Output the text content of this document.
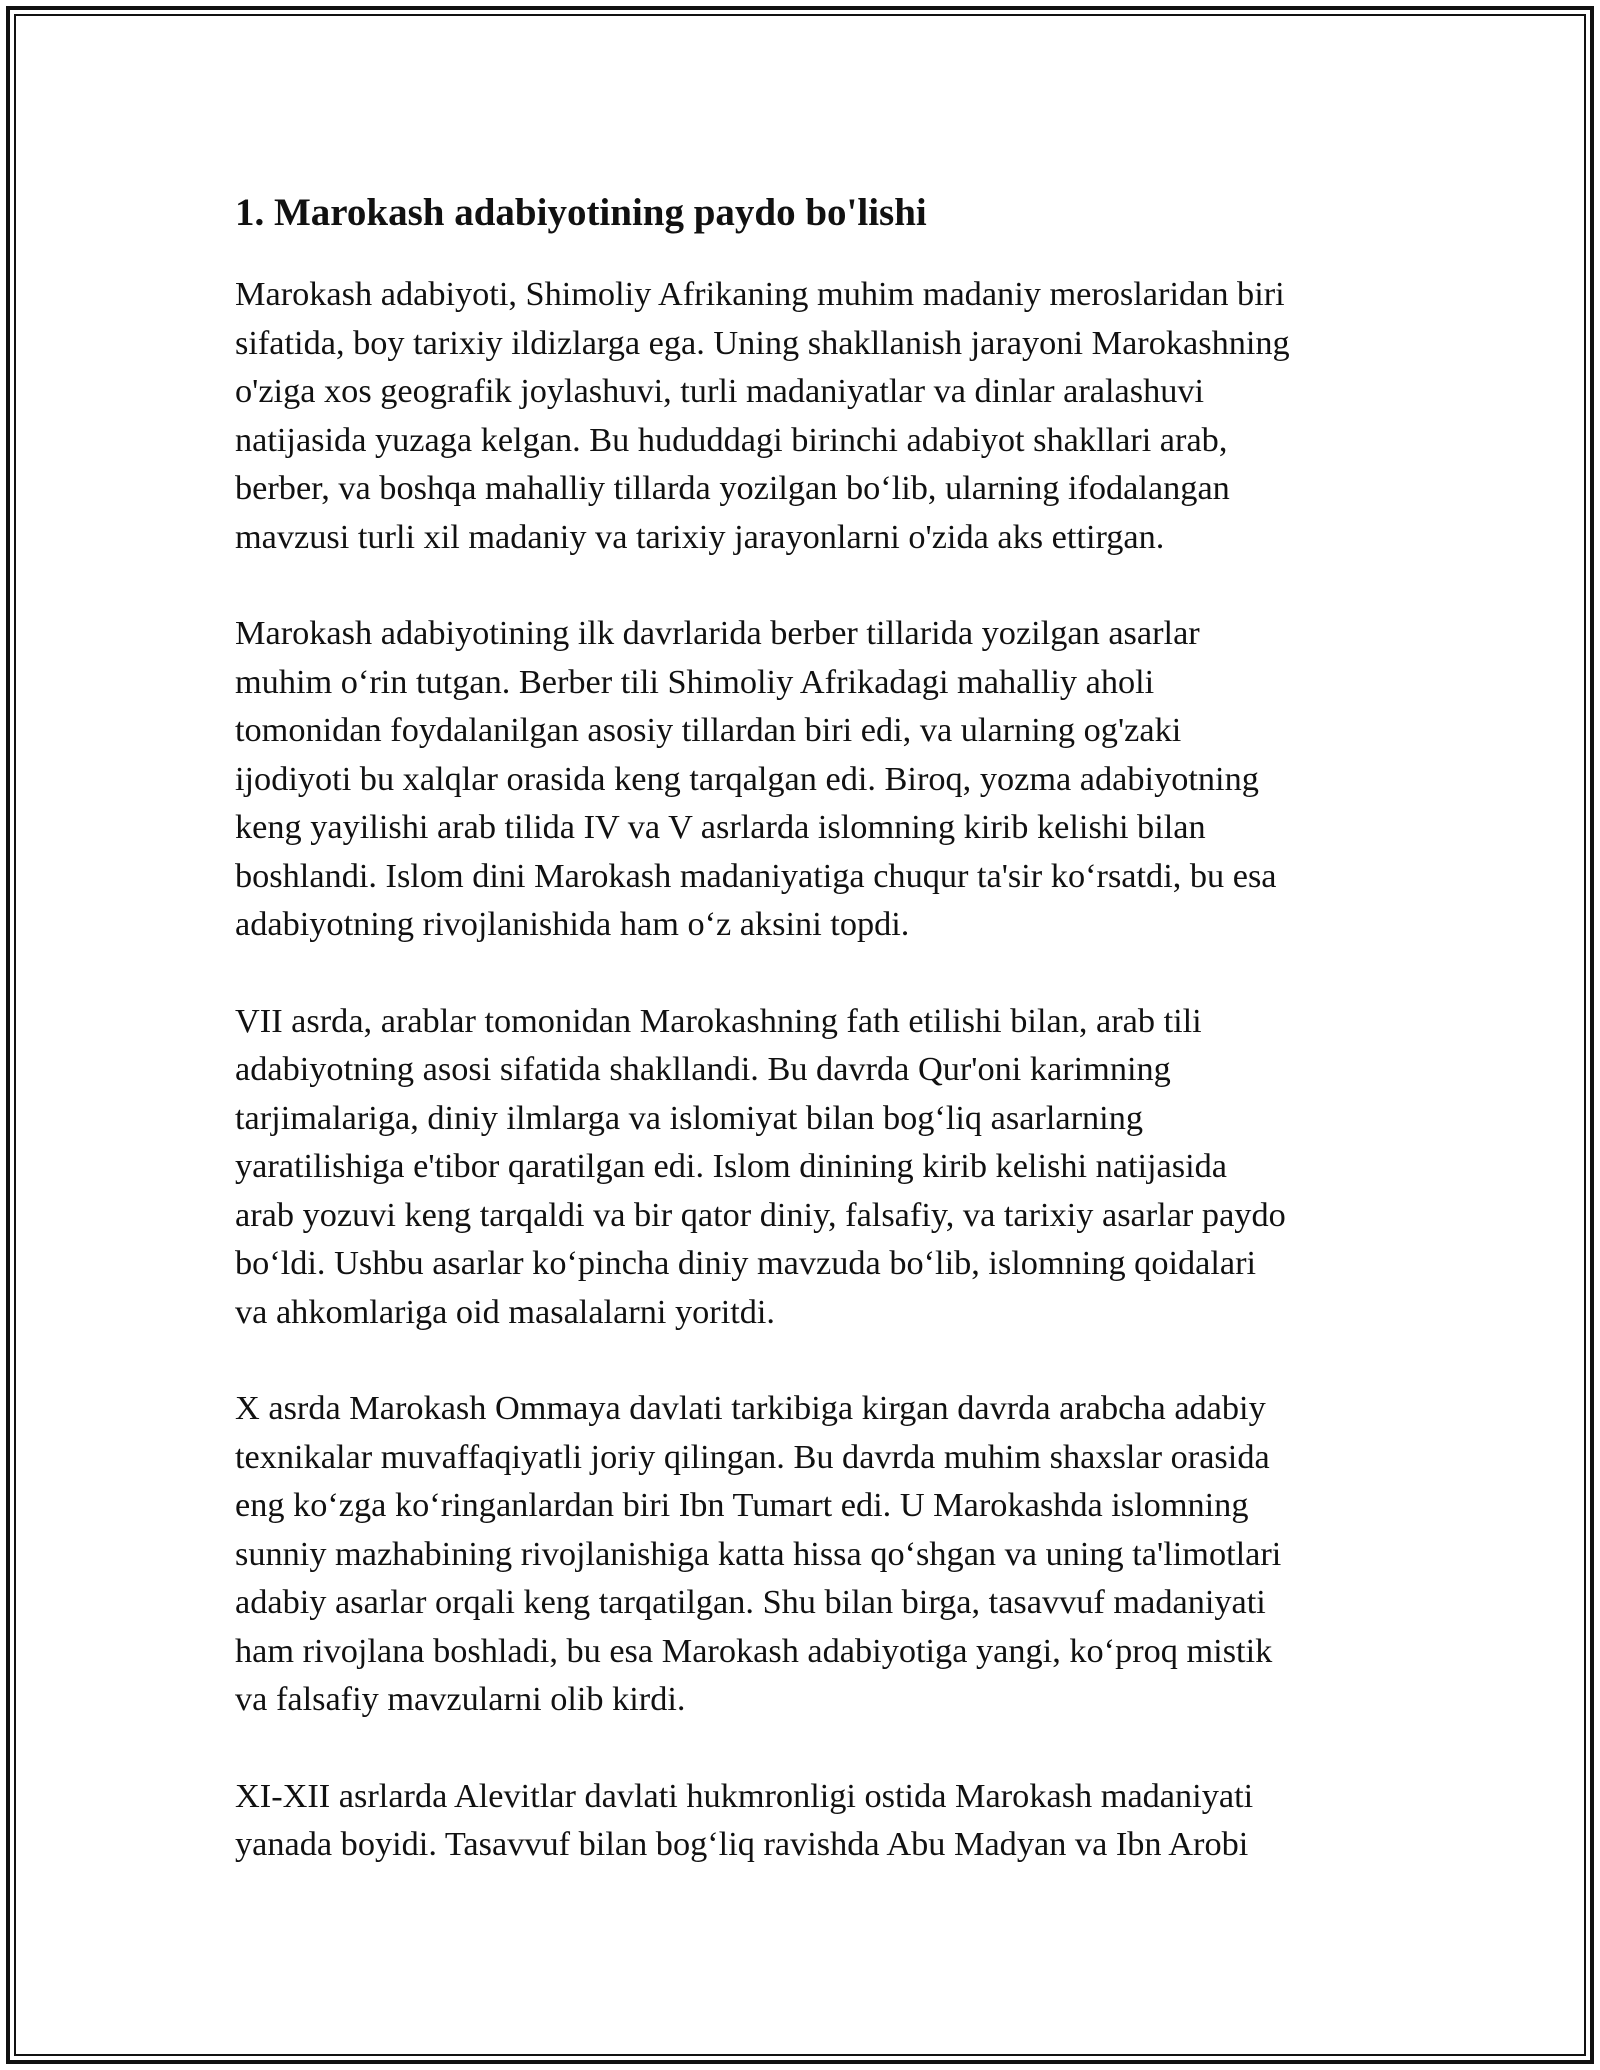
1. Marokash adabiyotining paydo bo'lishi

Marokash adabiyoti, Shimoliy Afrikaning muhim madaniy meroslaridan biri
sifatida, boy tarixiy ildizlarga ega. Uning shakllanish jarayoni Marokashning
o'ziga xos geografik joylashuvi, turli madaniyatlar va dinlar aralashuvi
natijasida yuzaga kelgan. Bu hududdagi birinchi adabiyot shakllari arab,
berber, va boshqa mahalliy tillarda yozilgan bo‘lib, ularning ifodalangan
mavzusi turli xil madaniy va tarixiy jarayonlarni o'zida aks ettirgan.

Marokash adabiyotining ilk davrlarida berber tillarida yozilgan asarlar
muhim o‘rin tutgan. Berber tili Shimoliy Afrikadagi mahalliy aholi
tomonidan foydalanilgan asosiy tillardan biri edi, va ularning og'zaki
ijodiyoti bu xalqlar orasida keng tarqalgan edi. Biroq, yozma adabiyotning
keng yayilishi arab tilida IV va V asrlarda islomning kirib kelishi bilan
boshlandi. Islom dini Marokash madaniyatiga chuqur ta'sir ko‘rsatdi, bu esa
adabiyotning rivojlanishida ham o‘z aksini topdi.

VII asrda, arablar tomonidan Marokashning fath etilishi bilan, arab tili
adabiyotning asosi sifatida shakllandi. Bu davrda Qur'oni karimning
tarjimalariga, diniy ilmlarga va islomiyat bilan bog‘liq asarlarning
yaratilishiga e'tibor qaratilgan edi. Islom dinining kirib kelishi natijasida
arab yozuvi keng tarqaldi va bir qator diniy, falsafiy, va tarixiy asarlar paydo
bo‘ldi. Ushbu asarlar ko‘pincha diniy mavzuda bo‘lib, islomning qoidalari
va ahkomlariga oid masalalarni yoritdi.

X asrda Marokash Ommaya davlati tarkibiga kirgan davrda arabcha adabiy
texnikalar muvaffaqiyatli joriy qilingan. Bu davrda muhim shaxslar orasida
eng ko‘zga ko‘ringanlardan biri Ibn Tumart edi. U Marokashda islomning
sunniy mazhabining rivojlanishiga katta hissa qo‘shgan va uning ta'limotlari
adabiy asarlar orqali keng tarqatilgan. Shu bilan birga, tasavvuf madaniyati
ham rivojlana boshladi, bu esa Marokash adabiyotiga yangi, ko‘proq mistik
va falsafiy mavzularni olib kirdi.

XI-XII asrlarda Alevitlar davlati hukmronligi ostida Marokash madaniyati
yanada boyidi. Tasavvuf bilan bog‘liq ravishda Abu Madyan va Ibn Arobi
